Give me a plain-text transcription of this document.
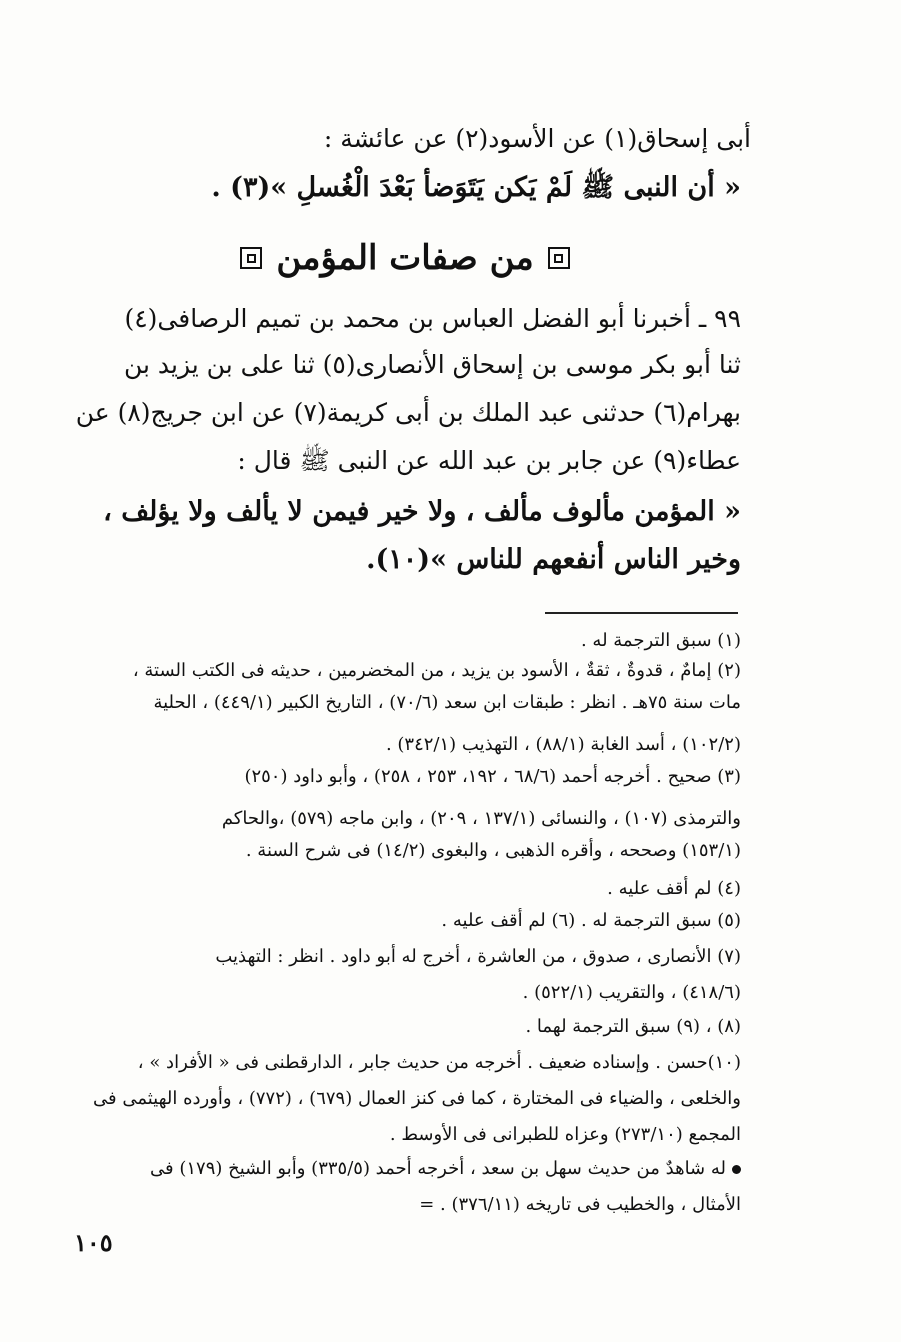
أبى إسحاق(١) عن الأسود(٢) عن عائشة :
« أن النبى ﷺ لَمْ يَكن يَتَوَضأ بَعْدَ الْغُسلِ »(٣) .
من صفات المؤمن
٩٩ ـ أخبرنا أبو الفضل العباس بن محمد بن تميم الرصافى(٤)
ثنا أبو بكر موسى بن إسحاق الأنصارى(٥) ثنا على بن يزيد بن
بهرام(٦) حدثنى عبد الملك بن أبى كريمة(٧) عن ابن جريج(٨) عن
عطاء(٩) عن جابر بن عبد الله عن النبى ﷺ قال :
« المؤمن مألوف مألف ، ولا خير فيمن لا يألف ولا يؤلف ،
وخير الناس أنفعهم للناس »(١٠).
(١) سبق الترجمة له .
(٢) إمامٌ ، قدوةٌ ، ثقةٌ ، الأسود بن يزيد ، من المخضرمين ، حديثه فى الكتب الستة ،
مات سنة ٧٥هـ . انظر : طبقات ابن سعد (٧٠/٦) ، التاريخ الكبير (٤٤٩/١) ، الحلية
(١٠٢/٢) ، أسد الغابة (٨٨/١) ، التهذيب (٣٤٢/١) .
(٣) صحيح . أخرجه أحمد (٦٨/٦ ، ١٩٢، ٢٥٣ ، ٢٥٨) ، وأبو داود (٢٥٠)
والترمذى (١٠٧) ، والنسائى (١٣٧/١ ، ٢٠٩) ، وابن ماجه (٥٧٩) ،والحاكم
(١٥٣/١) وصححه ، وأقره الذهبى ، والبغوى (١٤/٢) فى شرح السنة .
(٤) لم أقف عليه .
(٥) سبق الترجمة له . (٦) لم أقف عليه .
(٧) الأنصارى ، صدوق ، من العاشرة ، أخرج له أبو داود . انظر : التهذيب
(٤١٨/٦) ، والتقريب (٥٢٢/١) .
(٨) ، (٩) سبق الترجمة لهما .
(١٠)حسن . وإسناده ضعيف . أخرجه من حديث جابر ، الدارقطنى فى « الأفراد » ،
والخلعى ، والضياء فى المختارة ، كما فى كنز العمال (٦٧٩) ، (٧٧٢) ، وأورده الهيثمى فى
المجمع (٢٧٣/١٠) وعزاه للطبرانى فى الأوسط .
له شاهدٌ من حديث سهل بن سعد ، أخرجه أحمد (٣٣٥/٥) وأبو الشيخ (١٧٩) فى
الأمثال ، والخطيب فى تاريخه (٣٧٦/١١) . =
١٠٥
